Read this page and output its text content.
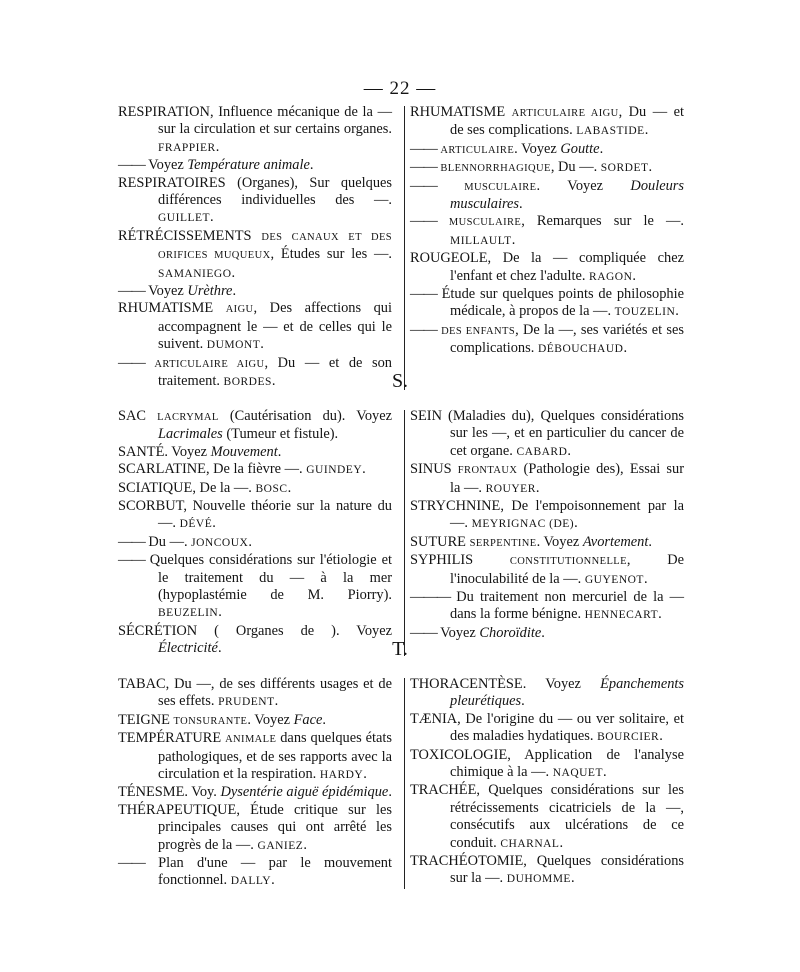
— 22 —

RESPIRATION, Influence mécanique de la — sur la circulation et sur certains organes. FRAPPIER.

—— Voyez Température animale.

RESPIRATOIRES (Organes), Sur quelques différences individuelles des —. GUILLET.

RÉTRÉCISSEMENTS DES CANAUX ET DES ORIFICES MUQUEUX, Études sur les —. SAMANIEGO.

—— Voyez Urèthre.

RHUMATISME AIGU, Des affections qui accompagnent le — et de celles qui le suivent. DUMONT.

—— ARTICULAIRE AIGU, Du — et de son traitement. BORDES.

RHUMATISME ARTICULAIRE AIGU, Du — et de ses complications. LABASTIDE.

—— ARTICULAIRE. Voyez Goutte.

—— BLENNORRHAGIQUE, Du —. SORDET.

——	MUSCULAIRE. Voyez Douleurs musculaires.

—— MUSCULAIRE, Remarques sur le —. MILLAULT.

ROUGEOLE, De la — compliquée chez l'enfant et chez l'adulte. RAGON.

—— Étude sur quelques points de philosophie médicale, à propos de la —. TOUZELIN.

—— DES ENFANTS, De la —, ses variétés et ses complications. DÉBOUCHAUD.

S.

SAC LACRYMAL (Cautérisation du). Voyez Lacrimales (Tumeur et fistule).

SANTÉ. Voyez Mouvement.

SCARLATINE, De la fièvre —. GUINDEY.

SCIATIQUE, De la —. BOSC.

SCORBUT, Nouvelle théorie sur la nature du —. DÉVÉ.

—— Du —. JONCOUX.

—— Quelques considérations sur l'étiologie et le traitement du — à la mer (hypoplastémie de M. Piorry). BEUZELIN.

SÉCRÉTION ( Organes de ). Voyez Électricité.

SEIN (Maladies du), Quelques considérations sur les —, et en particulier du cancer de cet organe. CABARD.

SINUS FRONTAUX (Pathologie des), Essai sur la —. ROUYER.

STRYCHNINE, De l'empoisonnement par la —. MEYRIGNAC (DE).

SUTURE SERPENTINE. Voyez Avortement.

SYPHILIS CONSTITUTIONNELLE, De l'inoculabilité de la —. GUYENOT.

——— Du traitement non mercuriel de la — dans la forme bénigne. HENNECART.

—— Voyez Choroïdite.

T.

TABAC, Du —, de ses différents usages et de ses effets. PRUDENT.

TEIGNE TONSURANTE. Voyez Face.

TEMPÉRATURE ANIMALE dans quelques états pathologiques, et de ses rapports avec la circulation et la respiration. HARDY.

TÉNESME. Voy. Dysentérie aiguë épidémique.

THÉRAPEUTIQUE, Étude critique sur les principales causes qui ont arrêté les progrès de la —. GANIEZ.

—— Plan d'une — par le mouvement fonctionnel. DALLY.

THORACENTÈSE. Voyez Épanchements pleurétiques.

TÆNIA, De l'origine du — ou ver solitaire, et des maladies hydatiques. BOURCIER.

TOXICOLOGIE, Application de l'analyse chimique à la —. NAQUET.

TRACHÉE, Quelques considérations sur les rétrécissements cicatriciels de la —, consécutifs aux ulcérations de ce conduit. CHARNAL.

TRACHÉOTOMIE, Quelques considérations sur la —. DUHOMME.
